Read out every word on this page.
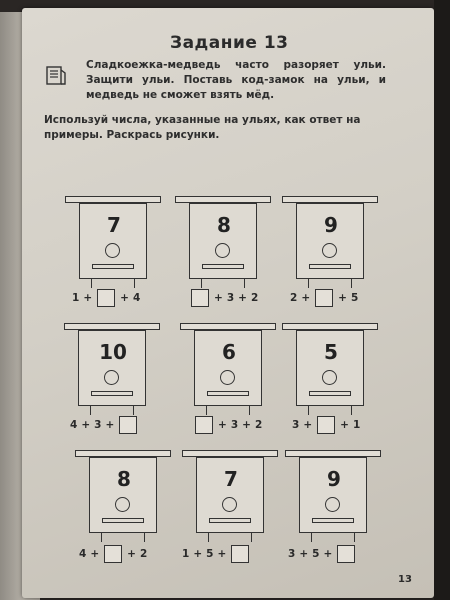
Задание 13
Сладкоежка-медведь часто разоряет ульи. Защити ульи. Поставь код-замок на ульи, и медведь не сможет взять мёд.
Используй числа, указанные на ульях, как ответ на примеры. Раскрась рисунки.
7
1 +	+ 4
8
+ 3 + 2
9
2 +	+ 5
10
4 + 3 +
6
+ 3 + 2
5
3 +	+ 1
8
4 +	+ 2
7
1 + 5 +
9
3 + 5 +
13
